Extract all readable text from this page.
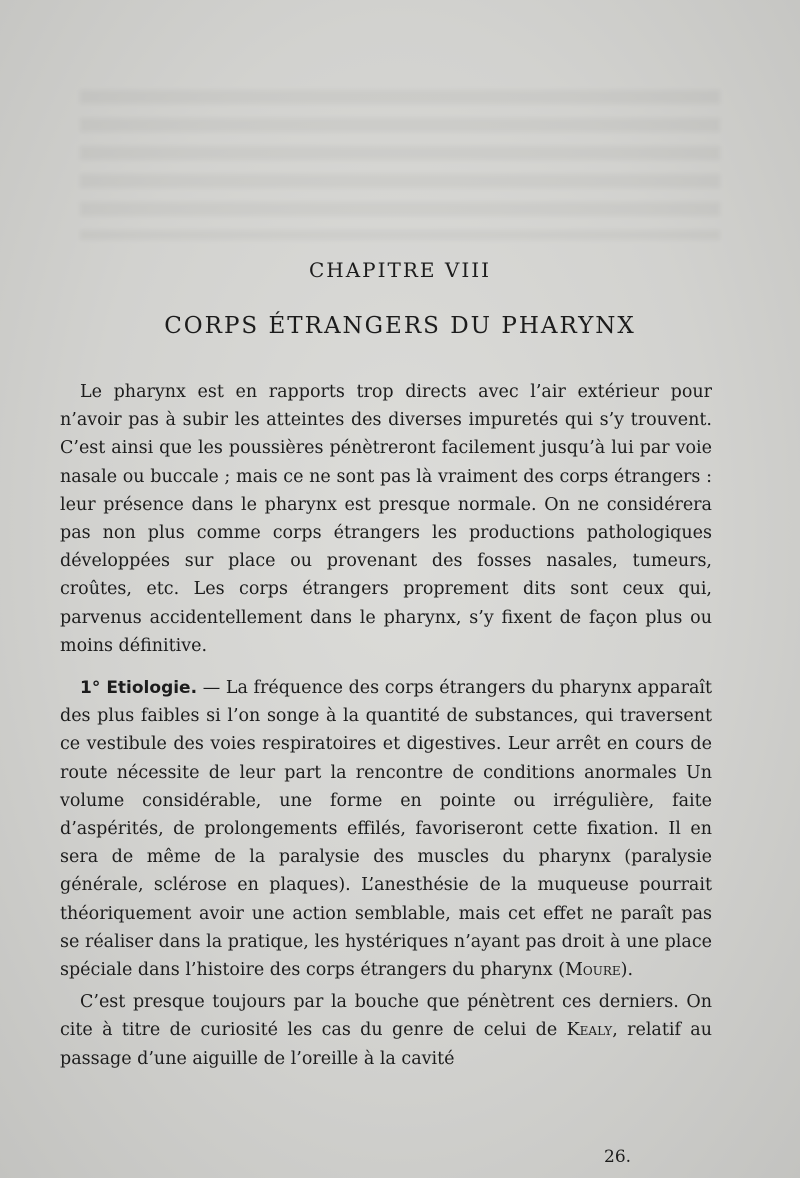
CHAPITRE VIII

CORPS ÉTRANGERS DU PHARYNX

Le pharynx est en rapports trop directs avec l’air extérieur pour n’avoir pas à subir les atteintes des diverses impuretés qui s’y trouvent. C’est ainsi que les poussières pénètreront facilement jusqu’à lui par voie nasale ou buccale ; mais ce ne sont pas là vraiment des corps étrangers : leur présence dans le pharynx est presque normale. On ne considérera pas non plus comme corps étrangers les productions pathologiques développées sur place ou provenant des fosses nasales, tumeurs, croûtes, etc. Les corps étrangers proprement dits sont ceux qui, parvenus accidentellement dans le pharynx, s’y fixent de façon plus ou moins définitive.

1° Etiologie. — La fréquence des corps étrangers du pharynx apparaît des plus faibles si l’on songe à la quantité de substances, qui traversent ce vestibule des voies respiratoires et digestives. Leur arrêt en cours de route nécessite de leur part la rencontre de conditions anormales Un volume considérable, une forme en pointe ou irrégulière, faite d’aspérités, de prolongements effilés, favoriseront cette fixation. Il en sera de même de la paralysie des muscles du pharynx (paralysie générale, sclérose en plaques). L’anesthésie de la muqueuse pourrait théoriquement avoir une action semblable, mais cet effet ne paraît pas se réaliser dans la pratique, les hystériques n’ayant pas droit à une place spéciale dans l’histoire des corps étrangers du pharynx (Moure).

C’est presque toujours par la bouche que pénètrent ces derniers. On cite à titre de curiosité les cas du genre de celui de Kealy, relatif au passage d’une aiguille de l’oreille à la cavité

26.
